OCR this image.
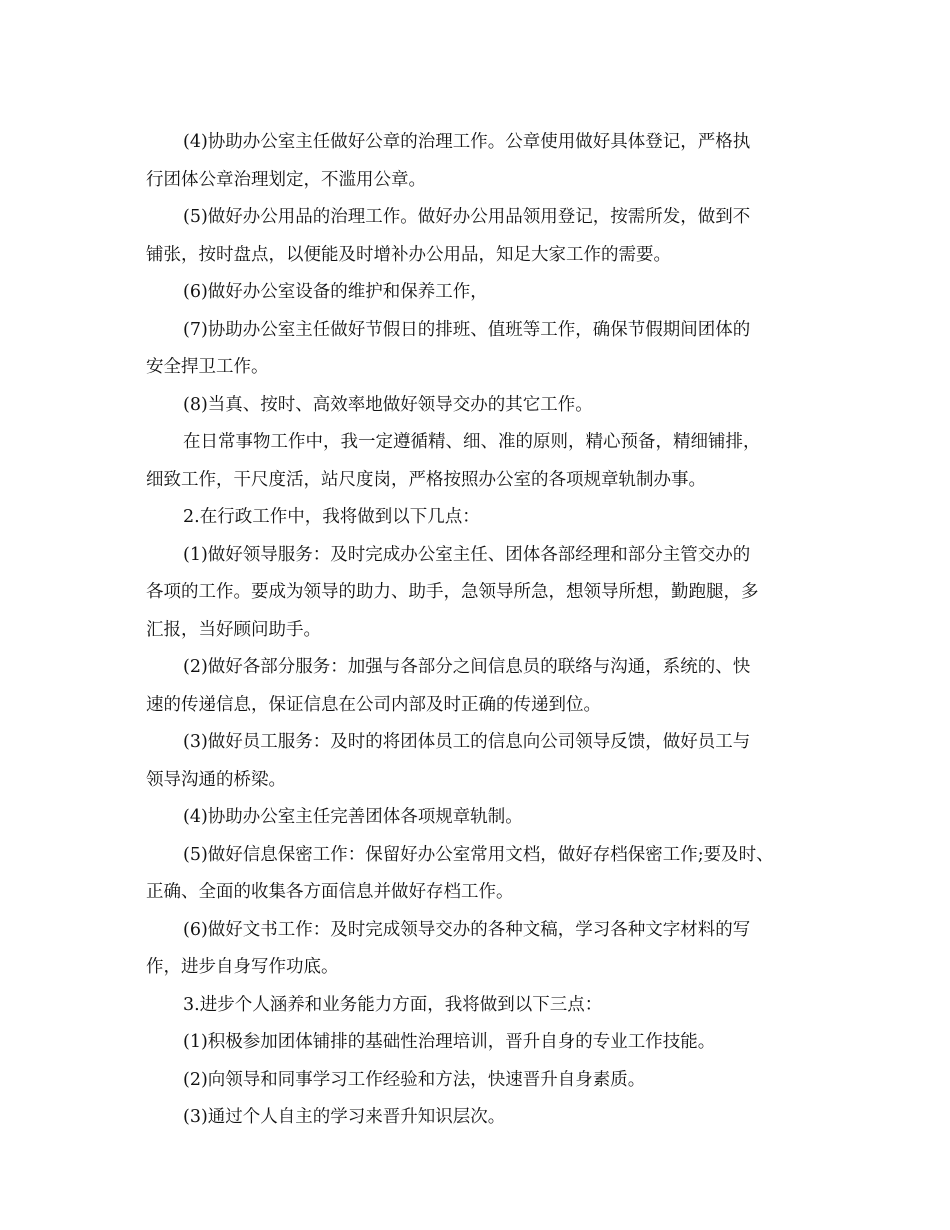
(4)协助办公室主任做好公章的治理工作。公章使用做好具体登记，严格执
行团体公章治理划定，不滥用公章。
(5)做好办公用品的治理工作。做好办公用品领用登记，按需所发，做到不
铺张，按时盘点，以便能及时增补办公用品，知足大家工作的需要。
(6)做好办公室设备的维护和保养工作，
(7)协助办公室主任做好节假日的排班、值班等工作，确保节假期间团体的
安全捍卫工作。
(8)当真、按时、高效率地做好领导交办的其它工作。
在日常事物工作中，我一定遵循精、细、准的原则，精心预备，精细铺排，
细致工作，干尺度活，站尺度岗，严格按照办公室的各项规章轨制办事。
2.在行政工作中，我将做到以下几点：
(1)做好领导服务：及时完成办公室主任、团体各部经理和部分主管交办的
各项的工作。要成为领导的助力、助手，急领导所急，想领导所想，勤跑腿，多
汇报，当好顾问助手。
(2)做好各部分服务：加强与各部分之间信息员的联络与沟通，系统的、快
速的传递信息，保证信息在公司内部及时正确的传递到位。
(3)做好员工服务：及时的将团体员工的信息向公司领导反馈，做好员工与
领导沟通的桥梁。
(4)协助办公室主任完善团体各项规章轨制。
(5)做好信息保密工作：保留好办公室常用文档，做好存档保密工作;要及时、
正确、全面的收集各方面信息并做好存档工作。
(6)做好文书工作：及时完成领导交办的各种文稿，学习各种文字材料的写
作，进步自身写作功底。
3.进步个人涵养和业务能力方面，我将做到以下三点：
(1)积极参加团体铺排的基础性治理培训，晋升自身的专业工作技能。
(2)向领导和同事学习工作经验和方法，快速晋升自身素质。
(3)通过个人自主的学习来晋升知识层次。
